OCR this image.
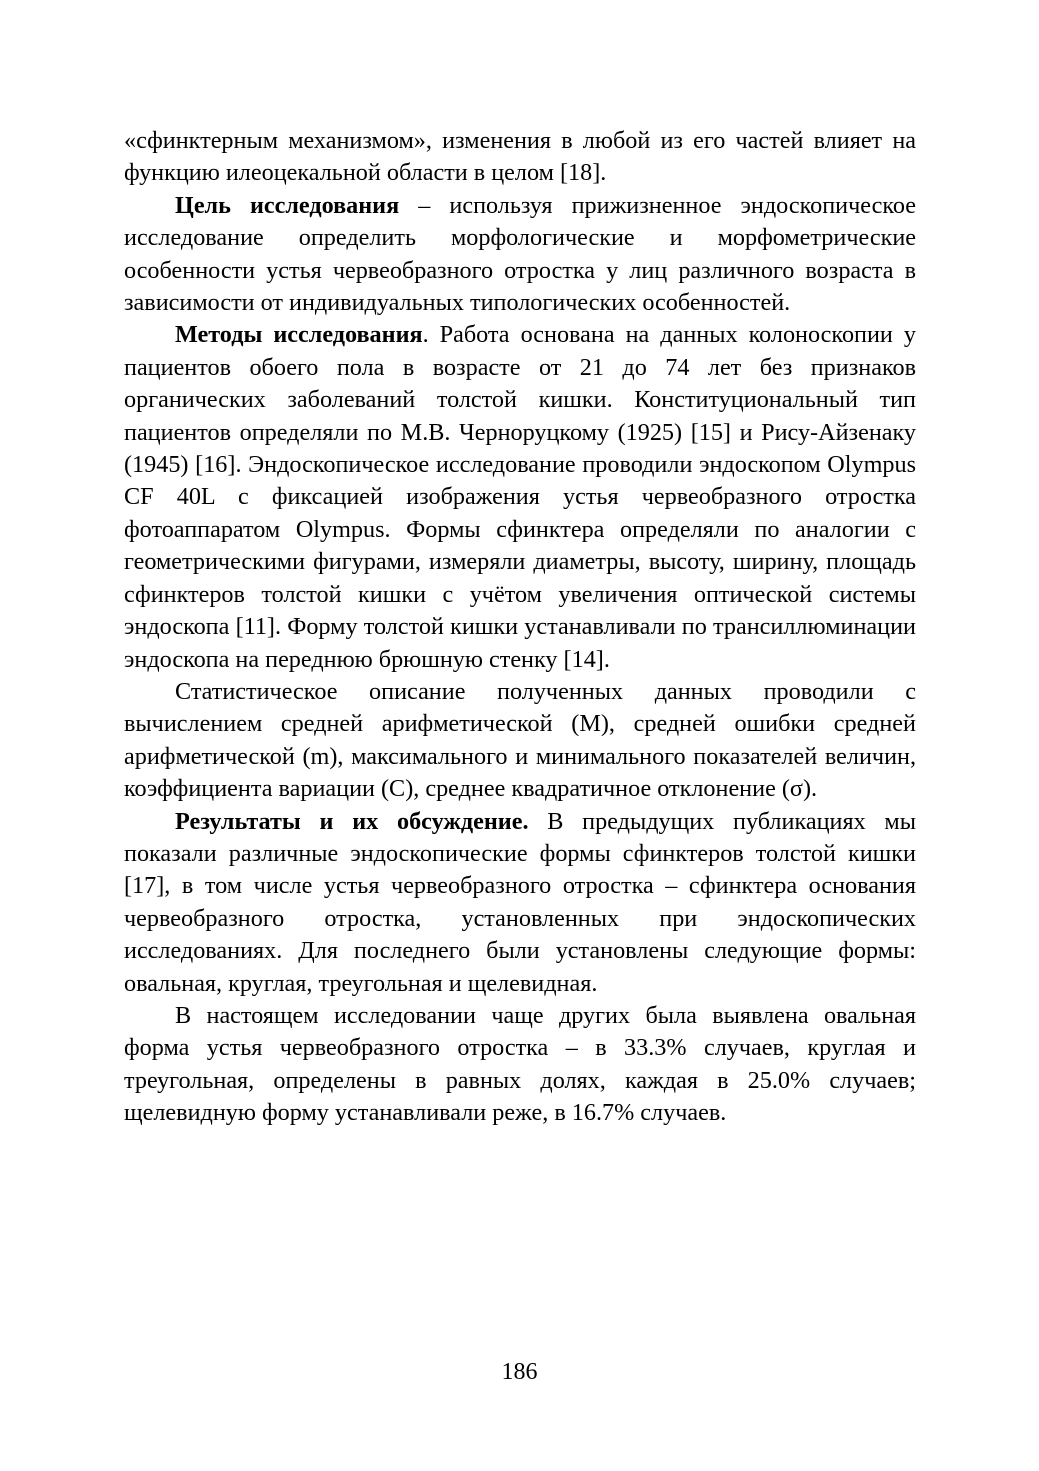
«сфинктерным механизмом», изменения в любой из его частей влияет на функцию илеоцекальной области в целом [18].

Цель исследования – используя прижизненное эндоскопическое исследование определить морфологические и морфометрические особенности устья червеобразного отростка у лиц различного возраста в зависимости от индивидуальных типологических особенностей.

Методы исследования. Работа основана на данных колоноскопии у пациентов обоего пола в возрасте от 21 до 74 лет без признаков органических заболеваний толстой кишки. Конституциональный тип пациентов определяли по М.В. Черноруцкому (1925) [15] и Рису-Айзенаку (1945) [16]. Эндоскопическое исследование проводили эндоскопом Olympus CF 40L с фиксацией изображения устья червеобразного отростка фотоаппаратом Olympus. Формы сфинктера определяли по аналогии с геометрическими фигурами, измеряли диаметры, высоту, ширину, площадь сфинктеров толстой кишки с учётом увеличения оптической системы эндоскопа [11]. Форму толстой кишки устанавливали по трансиллюминации эндоскопа на переднюю брюшную стенку [14].

Статистическое описание полученных данных проводили с вычислением средней арифметической (М), средней ошибки средней арифметической (m), максимального и минимального показателей величин, коэффициента вариации (С), среднее квадратичное отклонение (σ).

Результаты и их обсуждение. В предыдущих публикациях мы показали различные эндоскопические формы сфинктеров толстой кишки [17], в том числе устья червеобразного отростка – сфинктера основания червеобразного отростка, установленных при эндоскопических исследованиях. Для последнего были установлены следующие формы: овальная, круглая, треугольная и щелевидная.

В настоящем исследовании чаще других была выявлена овальная форма устья червеобразного отростка – в 33.3% случаев, круглая и треугольная, определены в равных долях, каждая в 25.0% случаев; щелевидную форму устанавливали реже, в 16.7% случаев.

186
